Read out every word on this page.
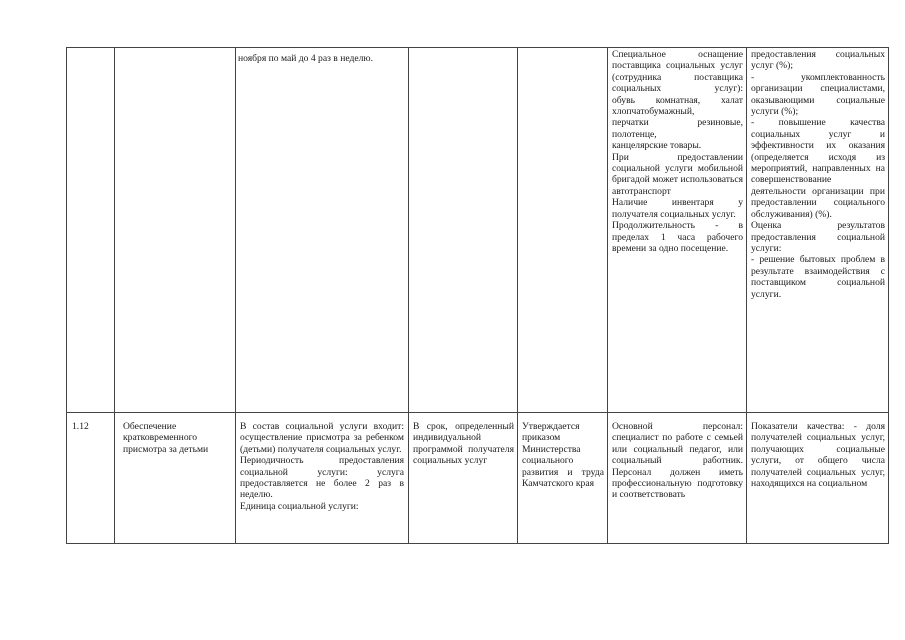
ноября по май до 4 раз в неделю.	Специальное оснащение поставщика социальных услуг (сотрудника поставщика социальных услуг):

обувь комнатная, халат хлопчатобумажный,

перчатки резиновые, полотенце,

канцелярские товары.

При предоставлении социальной услуги мобильной бригадой может использоваться автотранспорт

Наличие инвентаря у получателя социальных услуг.

Продолжительность - в пределах 1 часа рабочего времени за одно посещение.

предоставления социальных услуг (%);

- укомплектованность организации специалистами, оказывающими социальные услуги (%);

- повышение качества социальных услуг и эффективности их оказания (определяется исходя из мероприятий, направленных на совершенствование деятельности организации при предоставлении социального обслуживания) (%).

Оценка результатов предоставления социальной услуги:

- решение бытовых проблем в результате взаимодействия с поставщиком социальной услуги.

1.12	Обеспечение кратковременного присмотра за детьми

В состав социальной услуги входит: осуществление присмотра за ребенком (детьми) получателя социальных услуг.

Периодичность предоставления социальной услуги: услуга предоставляется не более 2 раз в неделю.

Единица социальной услуги:

В срок, определенный индивидуальной программой получателя социальных услуг

Утверждается приказом Министерства социального развития и труда Камчатского края

Основной персонал: специалист по работе с семьей или социальный педагог, или социальный работник. Персонал должен иметь профессиональную подготовку и соответствовать

Показатели качества: - доля получателей социальных услуг, получающих социальные услуги, от общего числа получателей социальных услуг, находящихся на социальном
